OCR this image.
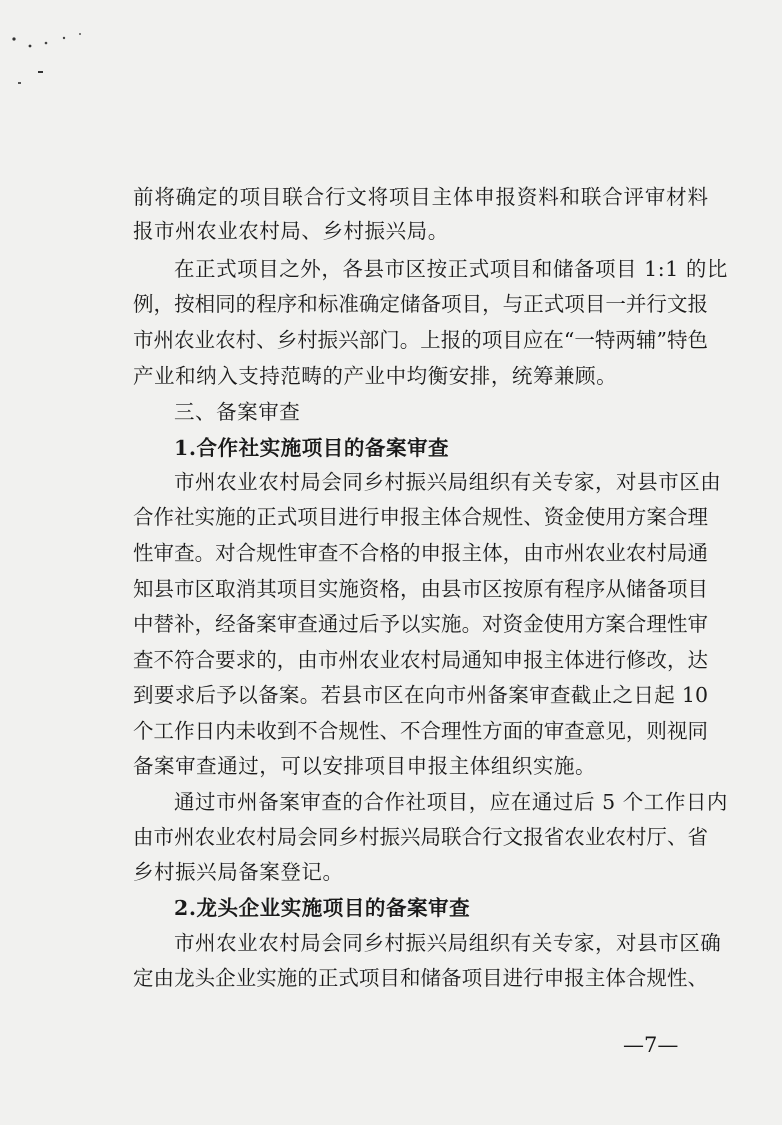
前将确定的项目联合行文将项目主体申报资料和联合评审材料
报市州农业农村局、乡村振兴局。
在正式项目之外，各县市区按正式项目和储备项目 1:1 的比
例，按相同的程序和标准确定储备项目，与正式项目一并行文报
市州农业农村、乡村振兴部门。上报的项目应在“一特两辅”特色
产业和纳入支持范畴的产业中均衡安排，统筹兼顾。
三、备案审查
1.合作社实施项目的备案审查
市州农业农村局会同乡村振兴局组织有关专家，对县市区由
合作社实施的正式项目进行申报主体合规性、资金使用方案合理
性审查。对合规性审查不合格的申报主体，由市州农业农村局通
知县市区取消其项目实施资格，由县市区按原有程序从储备项目
中替补，经备案审查通过后予以实施。对资金使用方案合理性审
查不符合要求的，由市州农业农村局通知申报主体进行修改，达
到要求后予以备案。若县市区在向市州备案审查截止之日起 10
个工作日内未收到不合规性、不合理性方面的审查意见，则视同
备案审查通过，可以安排项目申报主体组织实施。
通过市州备案审查的合作社项目，应在通过后 5 个工作日内
由市州农业农村局会同乡村振兴局联合行文报省农业农村厅、省
乡村振兴局备案登记。
2.龙头企业实施项目的备案审查
市州农业农村局会同乡村振兴局组织有关专家，对县市区确
定由龙头企业实施的正式项目和储备项目进行申报主体合规性、
—7—
